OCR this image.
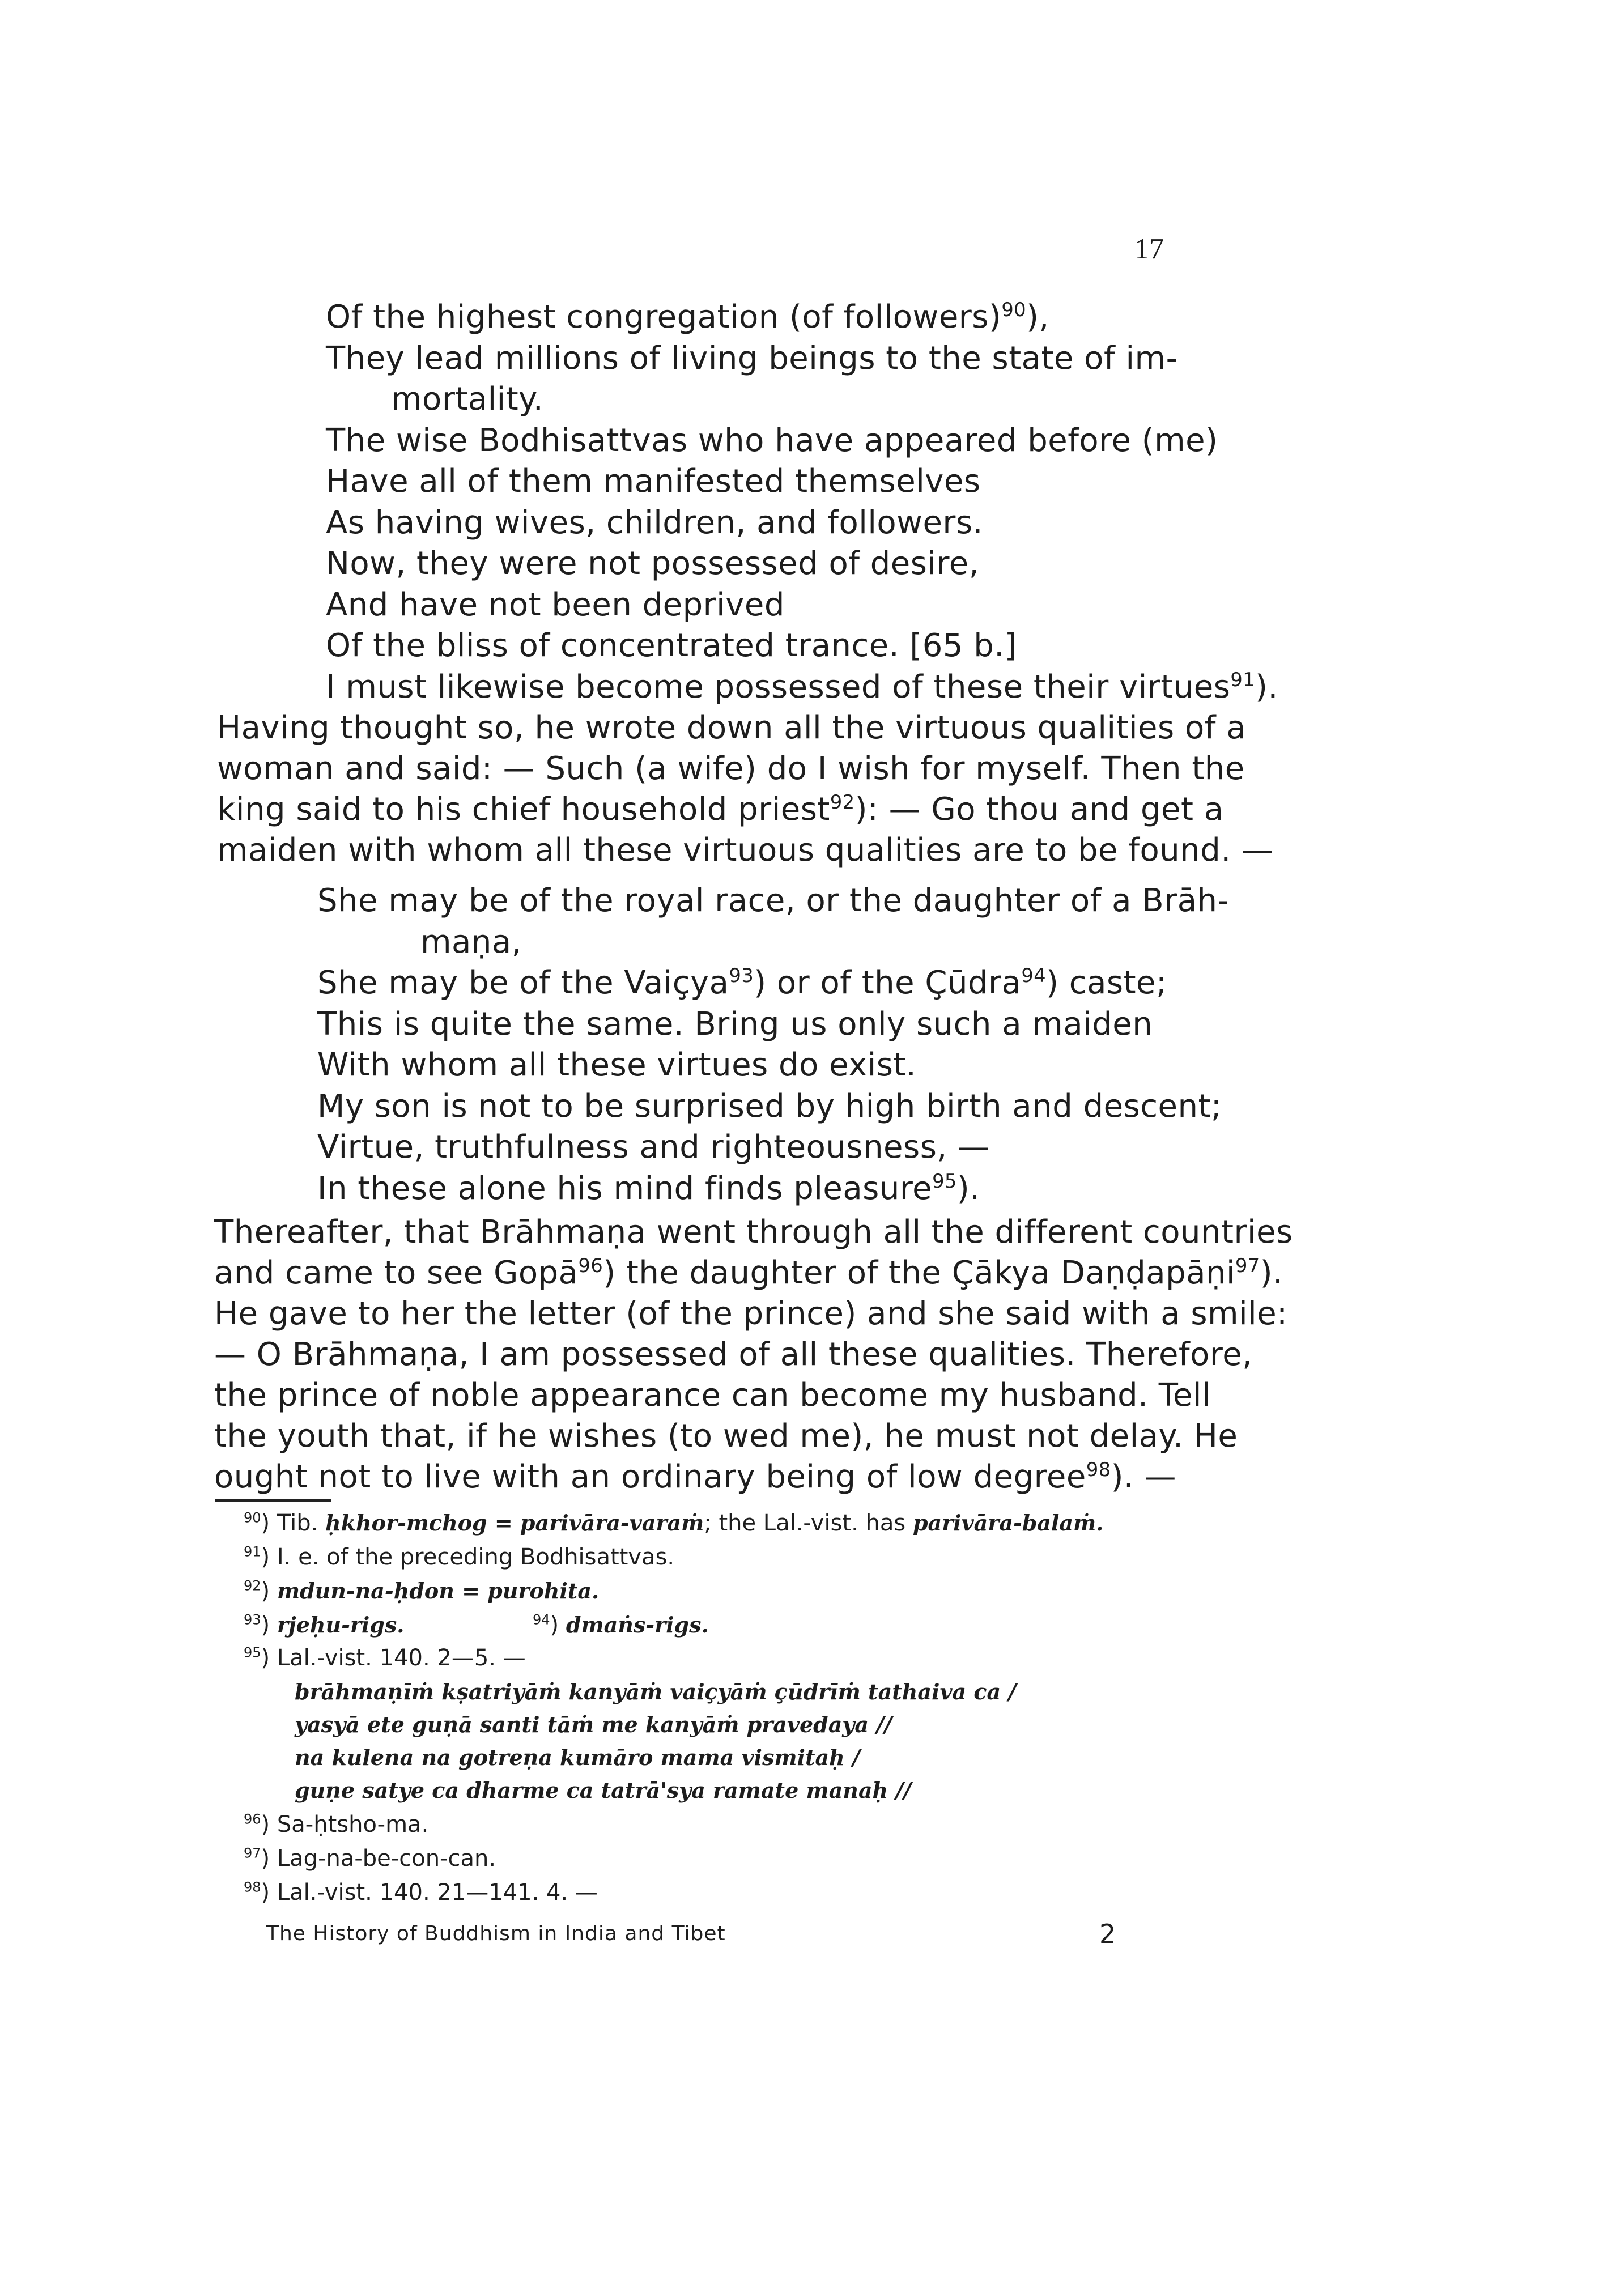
17
Of the highest congregation (of followers)$^{90}$),
They lead millions of living beings to the state of im-
mortality.
The wise Bodhisattvas who have appeared before (me)
Have all of them manifested themselves
As having wives, children, and followers.
Now, they were not possessed of desire,
And have not been deprived
Of the bliss of concentrated trance. [65 b.]
I must likewise become possessed of these their virtues$^{91}$).
Having thought so, he wrote down all the virtuous qualities of a
woman and said: — Such (a wife) do I wish for myself. Then the
king said to his chief household priest$^{92}$): — Go thou and get a
maiden with whom all these virtuous qualities are to be found. —
She may be of the royal race, or the daughter of a Brāh-
maṇa,
She may be of the Vaiçya$^{93}$) or of the Çūdra$^{94}$) caste;
This is quite the same. Bring us only such a maiden
With whom all these virtues do exist.
My son is not to be surprised by high birth and descent;
Virtue, truthfulness and righteousness, —
In these alone his mind finds pleasure$^{95}$).
Thereafter, that Brāhmaṇa went through all the different countries
and came to see Gopā$^{96}$) the daughter of the Çākya Daṇḍapāṇi$^{97}$).
He gave to her the letter (of the prince) and she said with a smile:
— O Brāhmaṇa, I am possessed of all these qualities. Therefore,
the prince of noble appearance can become my husband. Tell
the youth that, if he wishes (to wed me), he must not delay. He
ought not to live with an ordinary being of low degree$^{98}$). —
$^{90}$) Tib. ḥkhor-mchog = parivāra-varaṁ; the Lal.-vist. has parivāra-balaṁ.
$^{91}$) I. e. of the preceding Bodhisattvas.
$^{92}$) mdun-na-ḥdon = purohita.
$^{93}$) rjeḥu-rigs.	$^{94}$) dmaṅs-rigs.
$^{95}$) Lal.-vist. 140. 2—5. —
brāhmaṇīṁ kṣatriyāṁ kanyāṁ vaiçyāṁ çūdrīṁ tathaiva ca /
yasyā ete guṇā santi tāṁ me kanyāṁ pravedaya //
na kulena na gotreṇa kumāro mama vismitaḥ /
guṇe satye ca dharme ca tatrā'sya ramate manaḥ //
$^{96}$) Sa-ḥtsho-ma.
$^{97}$) Lag-na-be-con-can.
$^{98}$) Lal.-vist. 140. 21—141. 4. —
The History of Buddhism in India and Tibet	2
